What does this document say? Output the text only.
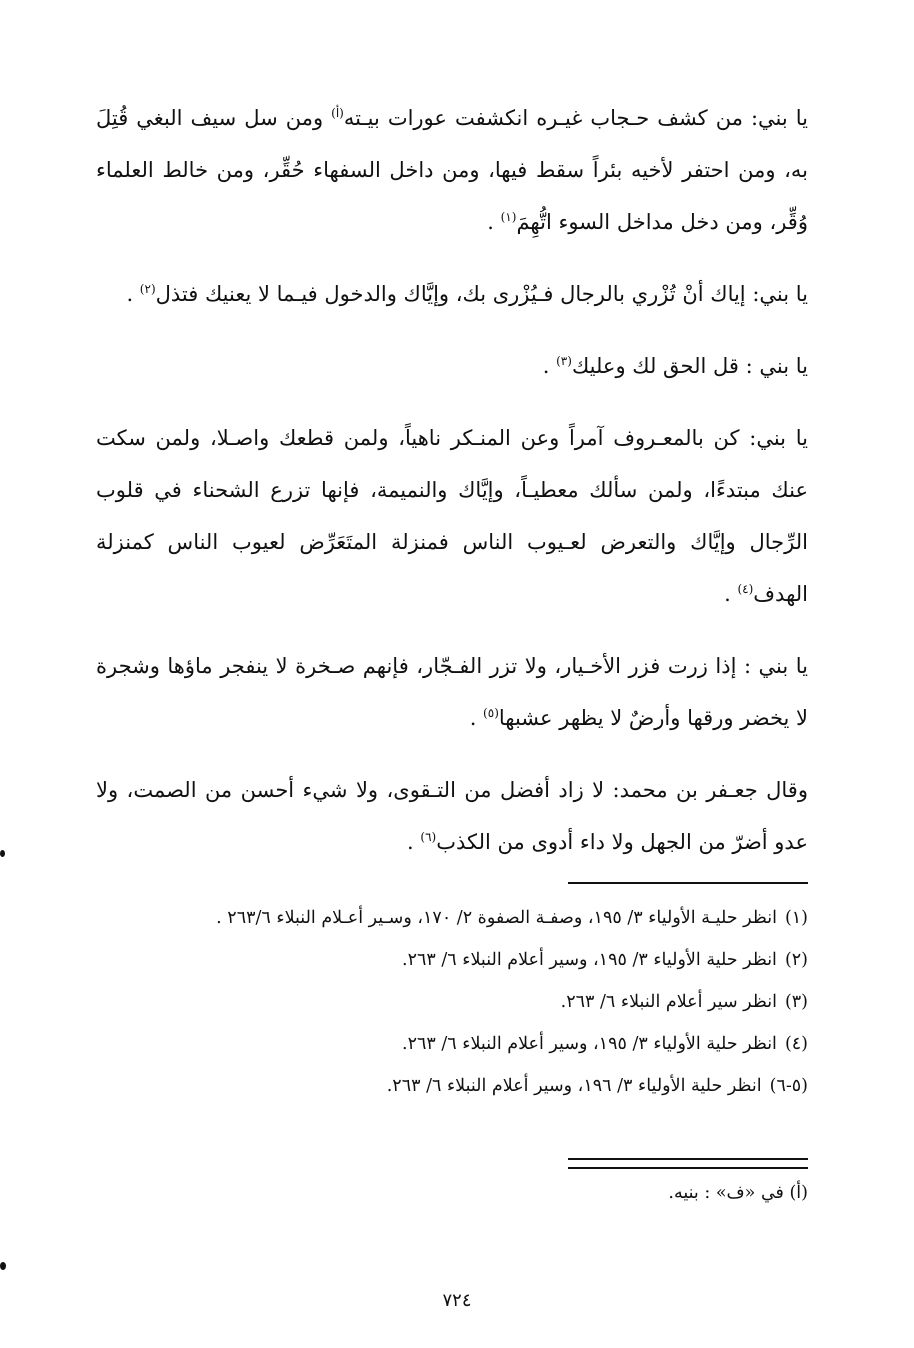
يا بني: من كشف حـجاب غيـره انكشفت عورات بيـته$^{(أ)}$ ومن سل سيف البغي قُتِلَ به، ومن احتفر لأخيه بئراً سقط فيها، ومن داخل السفهاء حُقِّر، ومن خالط العلماء وُقِّر، ومن دخل مداخل السوء اتُّهِمَ$^{(١)}$ .

يا بني: إياك أنْ تُزْري بالرجال فـيُزْرى بك، وإيَّاك والدخول فيـما لا يعنيك فتذل$^{(٢)}$ .

يا بني : قل الحق لك وعليك$^{(٣)}$ .

يا بني: كن بالمعـروف آمراً وعن المنـكر ناهياً، ولمن قطعك واصـلا، ولمن سكت عنك مبتدءًا، ولمن سألك معطيـاً، وإيَّاك والنميمة، فإنها تزرع الشحناء في قلوب الرِّجال وإيَّاك والتعرض لعـيوب الناس فمنزلة المتَعَرِّض لعيوب الناس كمنزلة الهدف$^{(٤)}$ .

يا بني : إذا زرت فزر الأخـيار، ولا تزر الفـجّار، فإنهم صـخرة لا ينفجر ماؤها وشجرة لا يخضر ورقها وأرضٌ لا يظهر عشبها$^{(٥)}$ .

وقال جعـفر بن محمد: لا زاد أفضل من التـقوى، ولا شيء أحسن من الصمت، ولا عدو أضرّ من الجهل ولا داء أدوى من الكذب$^{(٦)}$ .

(١)انظر حليـة الأولياء ٣/ ١٩٥، وصفـة الصفوة ٢/ ١٧٠، وسـير أعـلام النبلاء ٢٦٣/٦ .

(٢)انظر حلية الأولياء ٣/ ١٩٥، وسير أعلام النبلاء ٦/ ٢٦٣.

(٣)انظر سير أعلام النبلاء ٦/ ٢٦٣.

(٤)انظر حلية الأولياء ٣/ ١٩٥، وسير أعلام النبلاء ٦/ ٢٦٣.

(٥-٦)انظر حلية الأولياء ٣/ ١٩٦، وسير أعلام النبلاء ٦/ ٢٦٣.

(أ) في «ف» : بنيه.

٧٢٤
